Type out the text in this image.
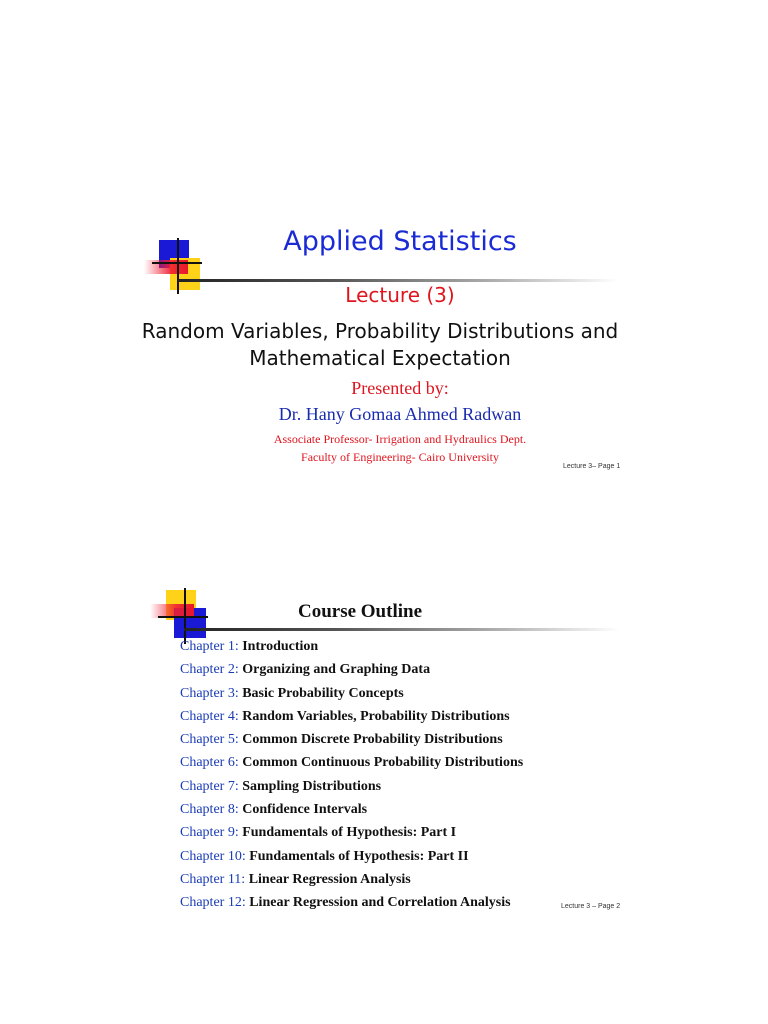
Applied Statistics
Lecture (3)
Random Variables, Probability Distributions and Mathematical Expectation
Presented by:
Dr. Hany Gomaa Ahmed Radwan
Associate Professor- Irrigation and Hydraulics Dept.
Faculty of Engineering- Cairo University
Lecture 3– Page 1
Course Outline
Chapter 1: Introduction
Chapter 2: Organizing and Graphing Data
Chapter 3: Basic Probability Concepts
Chapter 4: Random Variables, Probability Distributions
Chapter 5: Common Discrete Probability Distributions
Chapter 6: Common Continuous Probability Distributions
Chapter 7: Sampling Distributions
Chapter 8: Confidence Intervals
Chapter 9: Fundamentals of Hypothesis: Part I
Chapter 10: Fundamentals of Hypothesis: Part II
Chapter 11: Linear Regression Analysis
Chapter 12: Linear Regression and Correlation Analysis	Lecture 3 – Page 2
